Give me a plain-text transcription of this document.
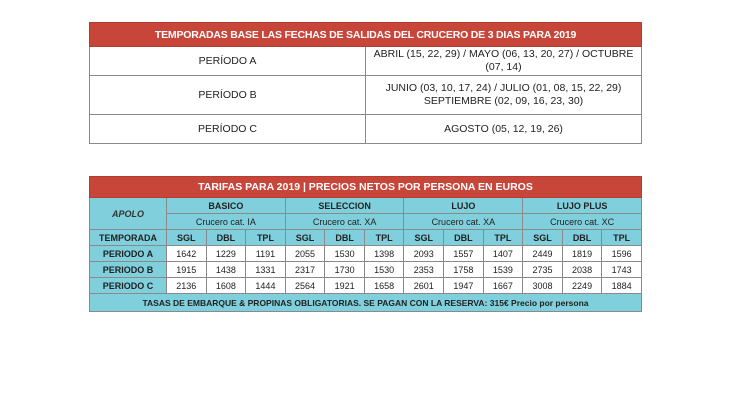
TEMPORADAS BASE LAS FECHAS DE SALIDAS DEL CRUCERO DE 3 DIAS PARA 2019	
PERÍODO A	ABRIL (15, 22, 29) / MAYO (06, 13, 20, 27) / OCTUBRE (07, 14)
PERÍODO B	JUNIO (03, 10, 17, 24) / JULIO (01, 08, 15, 22, 29)
SEPTIEMBRE (02, 09, 16, 23, 30)
PERÍODO C	AGOSTO (05, 12, 19, 26)
TARIFAS PARA 2019 | PRECIOS NETOS POR PERSONA EN EUROS												
APOLO	BASICO			SELECCION			LUJO			LUJO PLUS		
	Crucero cat. IA			Crucero cat. XA			Crucero cat. XA			Crucero cat. XC		
TEMPORADA	SGL	DBL	TPL	SGL	DBL	TPL	SGL	DBL	TPL	SGL	DBL	TPL
PERIODO A	1642	1229	1191	2055	1530	1398	2093	1557	1407	2449	1819	1596
PERIODO B	1915	1438	1331	2317	1730	1530	2353	1758	1539	2735	2038	1743
PERIODO C	2136	1608	1444	2564	1921	1658	2601	1947	1667	3008	2249	1884
TASAS DE EMBARQUE & PROPINAS OBLIGATORIAS. SE PAGAN CON LA RESERVA: 315€ Precio por persona												
